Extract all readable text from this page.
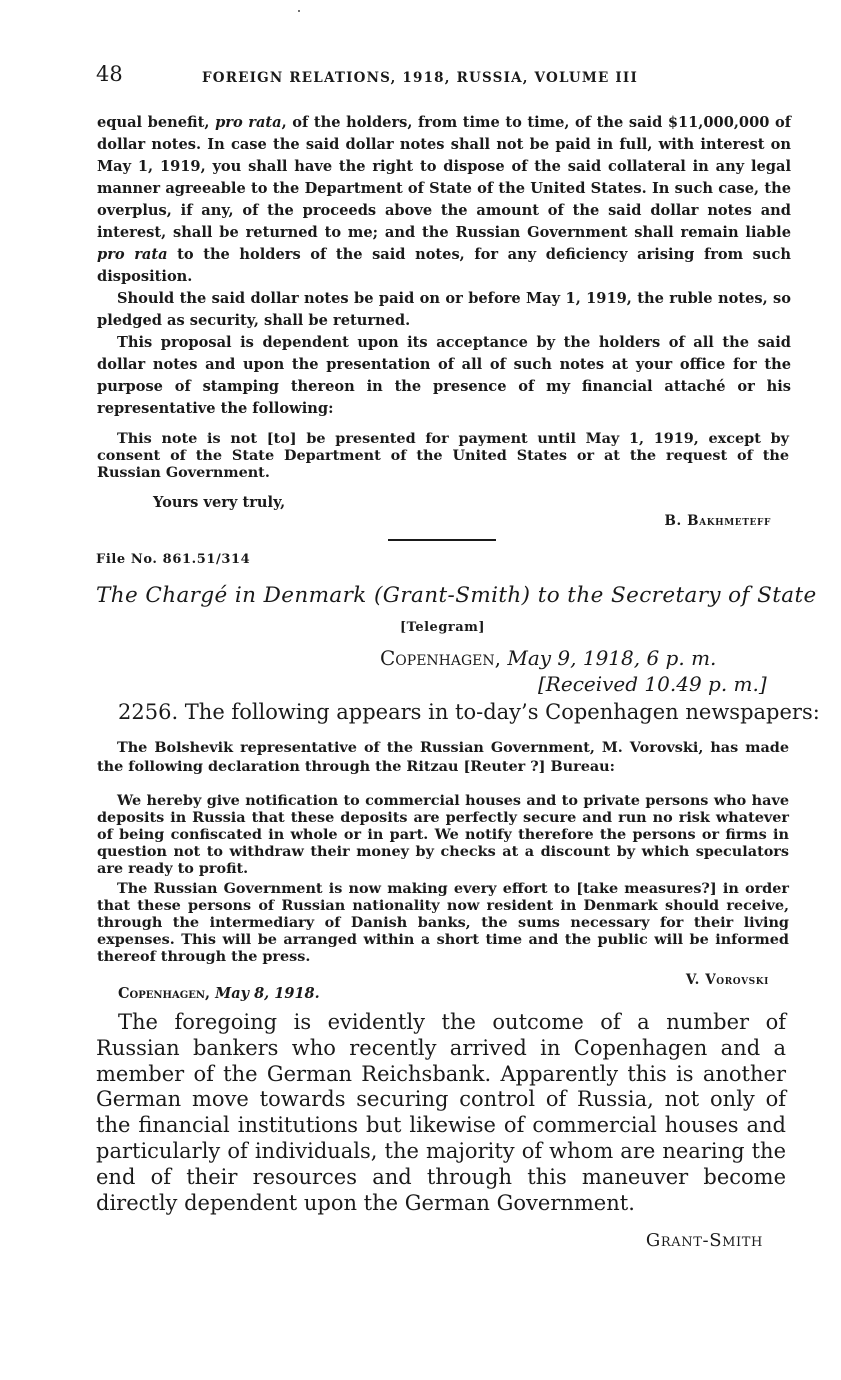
48	FOREIGN RELATIONS, 1918, RUSSIA, VOLUME III

equal benefit, pro rata, of the holders, from time to time, of the said $11,000,000 of dollar notes. In case the said dollar notes shall not be paid in full, with interest on May 1, 1919, you shall have the right to dispose of the said collateral in any legal manner agreeable to the Department of State of the United States. In such case, the overplus, if any, of the proceeds above the amount of the said dollar notes and interest, shall be returned to me; and the Russian Government shall remain liable pro rata to the holders of the said notes, for any deficiency arising from such disposition.

Should the said dollar notes be paid on or before May 1, 1919, the ruble notes, so pledged as security, shall be returned.

This proposal is dependent upon its acceptance by the holders of all the said dollar notes and upon the presentation of all of such notes at your office for the purpose of stamping thereon in the presence of my financial attaché or his representative the following:

This note is not [to] be presented for payment until May 1, 1919, except by consent of the State Department of the United States or at the request of the Russian Government.

Yours very truly,
B. Bakhmeteff
File No. 861.51/314
The Chargé in Denmark (Grant-Smith) to the Secretary of State
[Telegram]
Copenhagen, May 9, 1918, 6 p. m.
[Received 10.49 p. m.]
2256. The following appears in to-day’s Copenhagen newspapers:

The Bolshevik representative of the Russian Government, M. Vorovski, has made the following declaration through the Ritzau [Reuter ?] Bureau:

We hereby give notification to commercial houses and to private persons who have deposits in Russia that these deposits are perfectly secure and run no risk whatever of being confiscated in whole or in part. We notify therefore the persons or firms in question not to withdraw their money by checks at a discount by which speculators are ready to profit.

The Russian Government is now making every effort to [take measures?] in order that these persons of Russian nationality now resident in Denmark should receive, through the intermediary of Danish banks, the sums necessary for their living expenses. This will be arranged within a short time and the public will be informed thereof through the press.

V. Vorovski
Copenhagen, May 8, 1918.

The foregoing is evidently the outcome of a number of Russian bankers who recently arrived in Copenhagen and a member of the German Reichsbank. Apparently this is another German move towards securing control of Russia, not only of the financial institutions but likewise of commercial houses and particularly of individuals, the majority of whom are nearing the end of their resources and through this maneuver become directly dependent upon the German Government.

Grant-Smith
